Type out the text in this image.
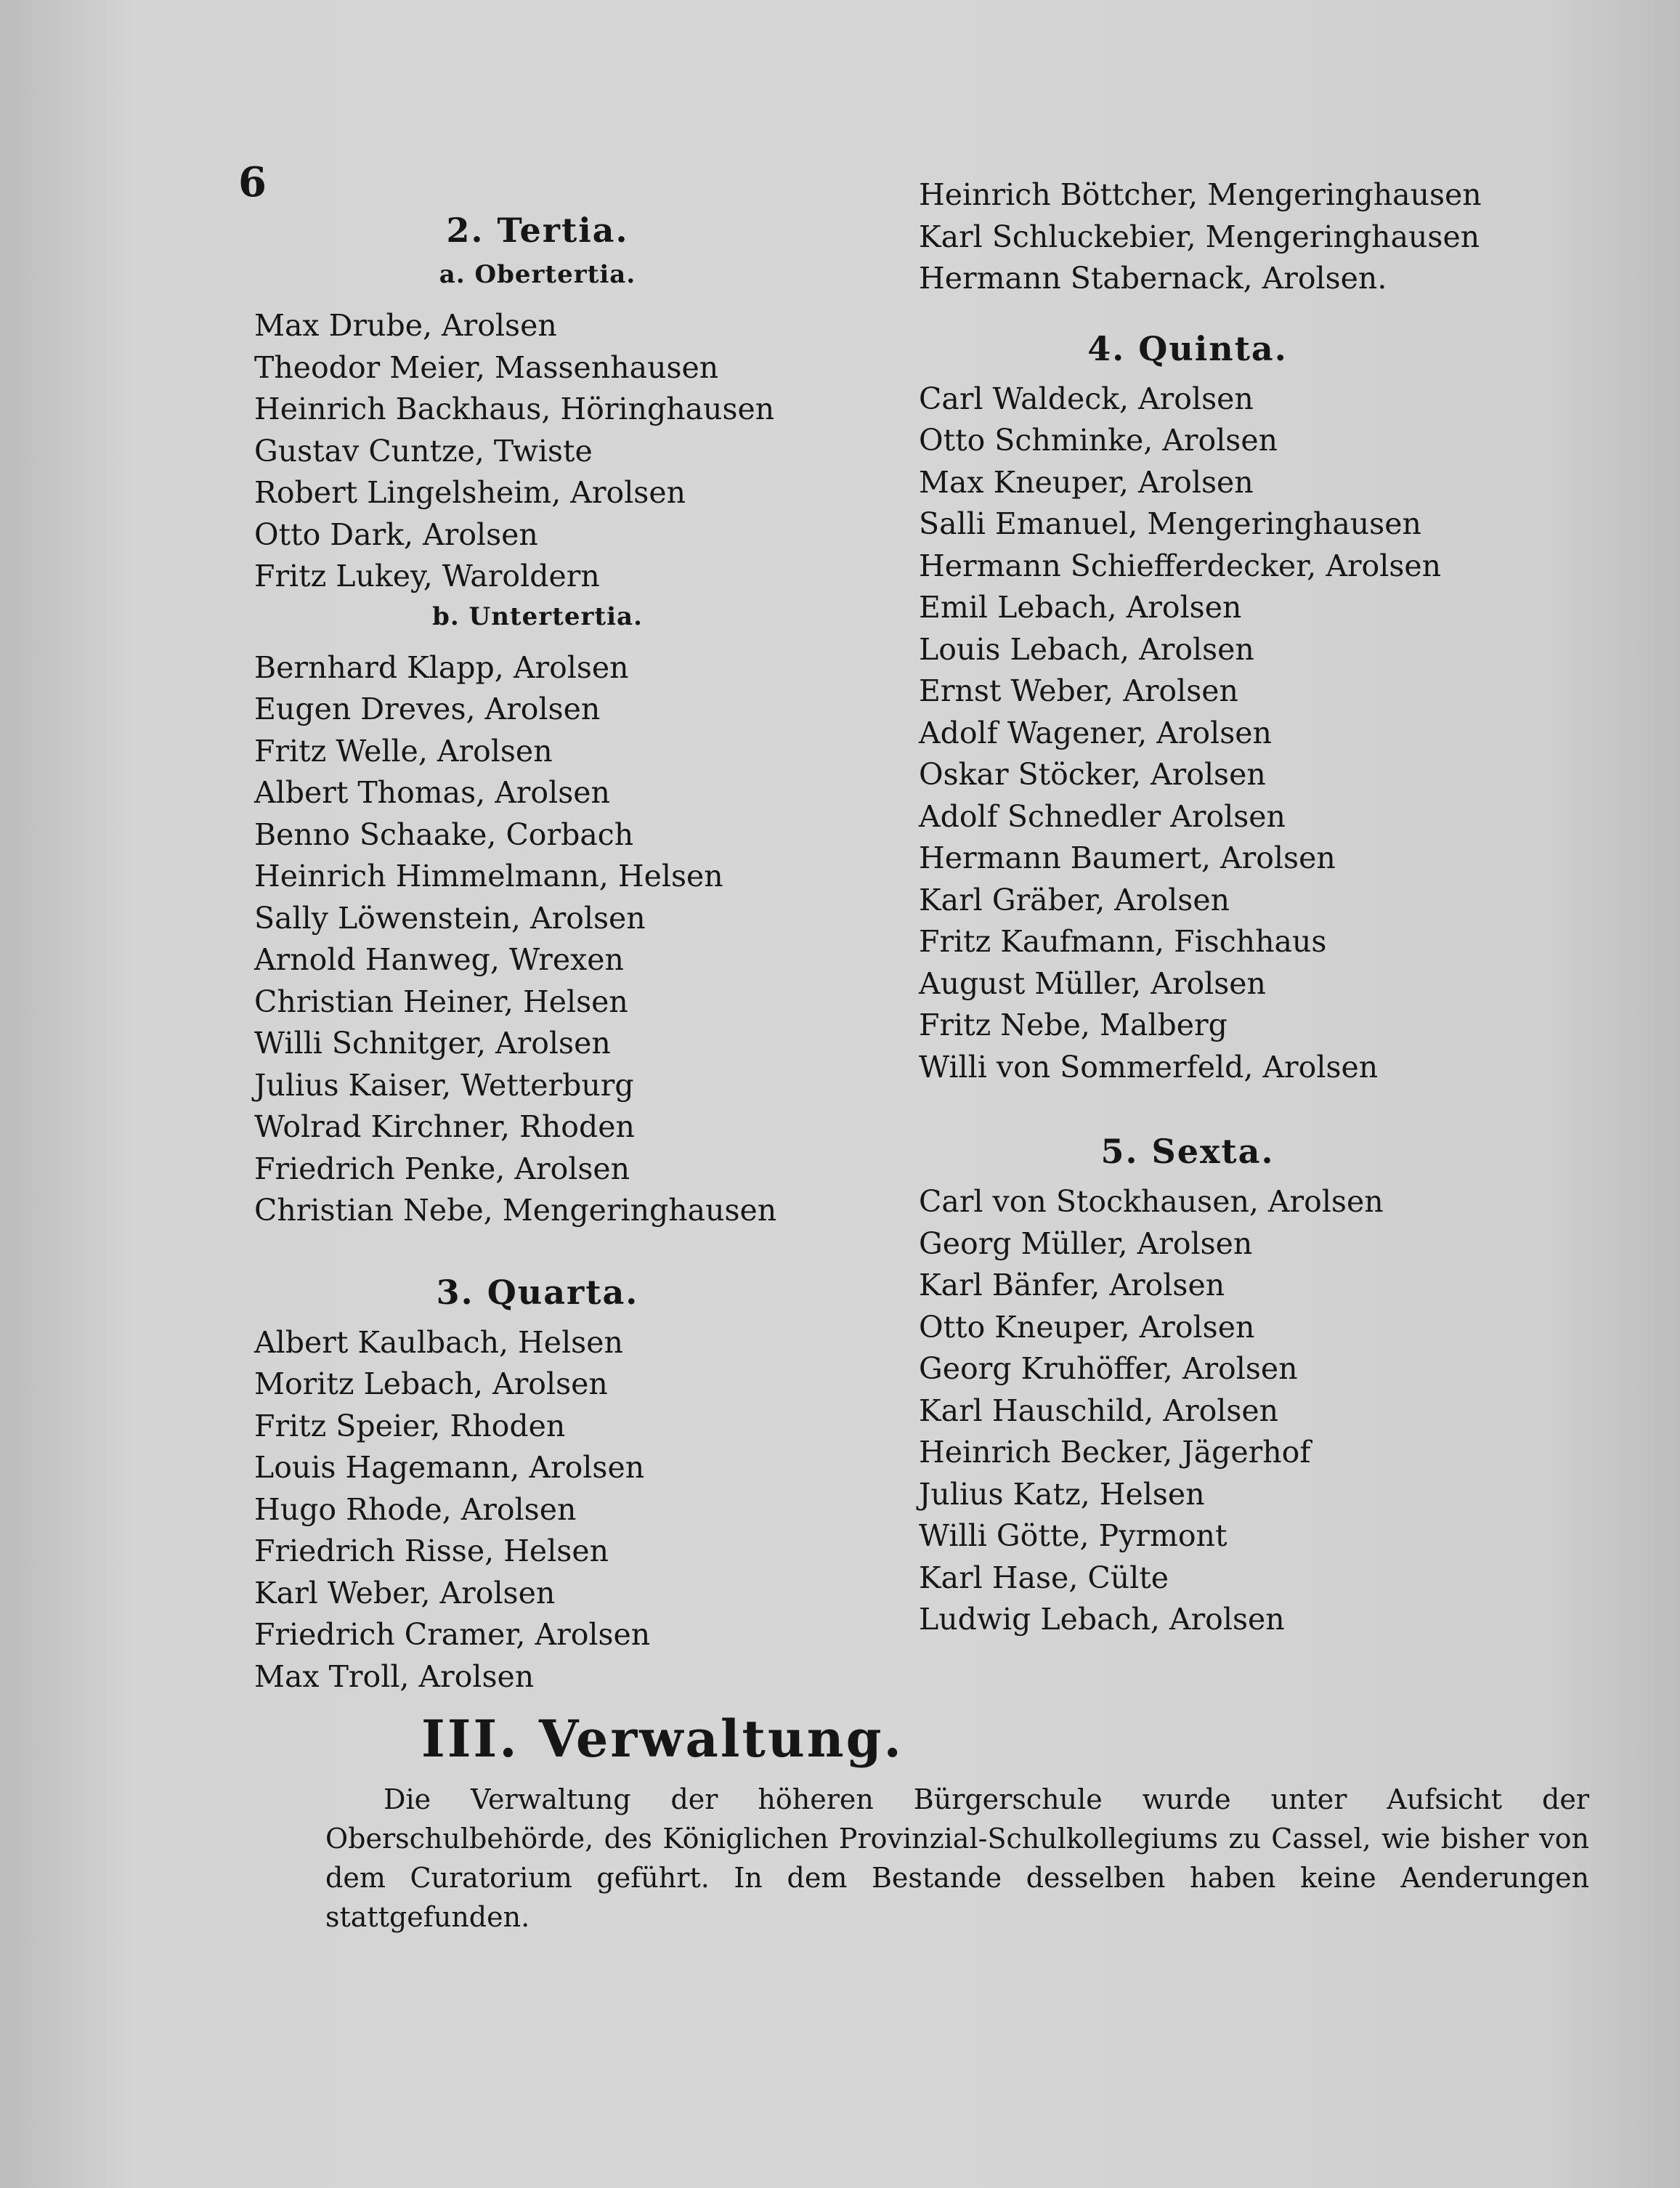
6
2. Tertia.
a. Obertertia.
Max Drube, Arolsen
Theodor Meier, Massenhausen
Heinrich Backhaus, Höringhausen
Gustav Cuntze, Twiste
Robert Lingelsheim, Arolsen
Otto Dark, Arolsen
Fritz Lukey, Waroldern
b. Untertertia.
Bernhard Klapp, Arolsen
Eugen Dreves, Arolsen
Fritz Welle, Arolsen
Albert Thomas, Arolsen
Benno Schaake, Corbach
Heinrich Himmelmann, Helsen
Sally Löwenstein, Arolsen
Arnold Hanweg, Wrexen
Christian Heiner, Helsen
Willi Schnitger, Arolsen
Julius Kaiser, Wetterburg
Wolrad Kirchner, Rhoden
Friedrich Penke, Arolsen
Christian Nebe, Mengeringhausen
3. Quarta.
Albert Kaulbach, Helsen
Moritz Lebach, Arolsen
Fritz Speier, Rhoden
Louis Hagemann, Arolsen
Hugo Rhode, Arolsen
Friedrich Risse, Helsen
Karl Weber, Arolsen
Friedrich Cramer, Arolsen
Max Troll, Arolsen
Heinrich Böttcher, Mengeringhausen
Karl Schluckebier, Mengeringhausen
Hermann Stabernack, Arolsen.
4. Quinta.
Carl Waldeck, Arolsen
Otto Schminke, Arolsen
Max Kneuper, Arolsen
Salli Emanuel, Mengeringhausen
Hermann Schiefferdecker, Arolsen
Emil Lebach, Arolsen
Louis Lebach, Arolsen
Ernst Weber, Arolsen
Adolf Wagener, Arolsen
Oskar Stöcker, Arolsen
Adolf Schnedler Arolsen
Hermann Baumert, Arolsen
Karl Gräber, Arolsen
Fritz Kaufmann, Fischhaus
August Müller, Arolsen
Fritz Nebe, Malberg
Willi von Sommerfeld, Arolsen
5. Sexta.
Carl von Stockhausen, Arolsen
Georg Müller, Arolsen
Karl Bänfer, Arolsen
Otto Kneuper, Arolsen
Georg Kruhöffer, Arolsen
Karl Hauschild, Arolsen
Heinrich Becker, Jägerhof
Julius Katz, Helsen
Willi Götte, Pyrmont
Karl Hase, Cülte
Ludwig Lebach, Arolsen
III. Verwaltung.
Die Verwaltung der höheren Bürgerschule wurde unter Aufsicht der Oberschulbehörde, des Königlichen Provinzial-Schulkollegiums zu Cassel, wie bisher von dem Curatorium geführt. In dem Bestande desselben haben keine Aenderungen stattgefunden.
